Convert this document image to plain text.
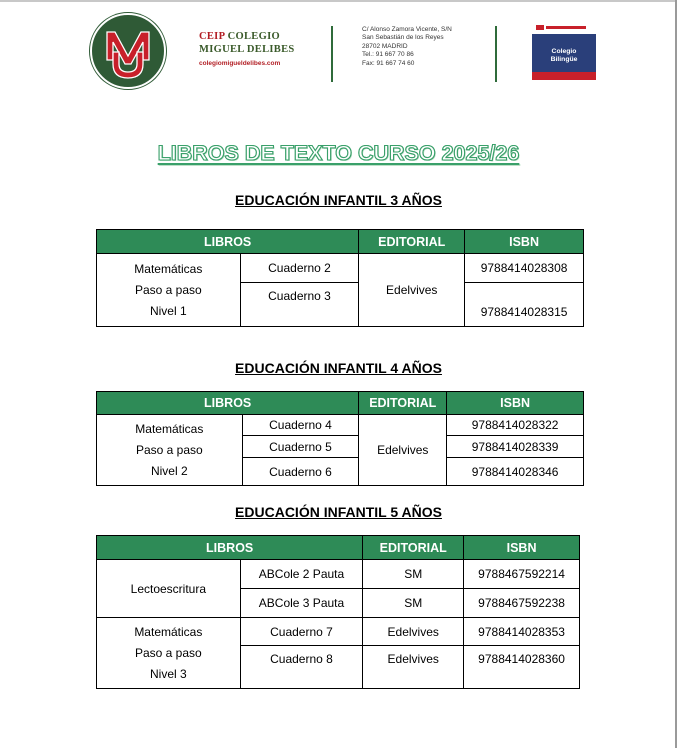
CEIP COLEGIO
MIGUEL DELIBES
colegiomigueldelibes.com
C/ Alonso Zamora Vicente, S/N
San Sebastián de los Reyes
28702 MADRID
Tel.: 91 667 70 86
Fax: 91 667 74 60
Colegio
Bilingüe
LIBROS DE TEXTO CURSO 2025/26
EDUCACIÓN INFANTIL 3 AÑOS
LIBROS		EDITORIAL	ISBN

Matemáticas
Paso a paso
Nivel 1	Cuaderno 2	Edelvives	9788414028308
	Cuaderno 3		9788414028315
EDUCACIÓN INFANTIL 4 AÑOS
LIBROS		EDITORIAL	ISBN

Matemáticas
Paso a paso
Nivel 2	Cuaderno 4	Edelvives	9788414028322
	Cuaderno 5		9788414028339
	Cuaderno 6		9788414028346
EDUCACIÓN INFANTIL 5 AÑOS
LIBROS		EDITORIAL	ISBN
Lectoescritura	ABCole 2 Pauta	SM	9788467592214
	ABCole 3 Pauta	SM	9788467592238

Matemáticas
Paso a paso
Nivel 3	Cuaderno 7	Edelvives	9788414028353
	Cuaderno 8	Edelvives	9788414028360
